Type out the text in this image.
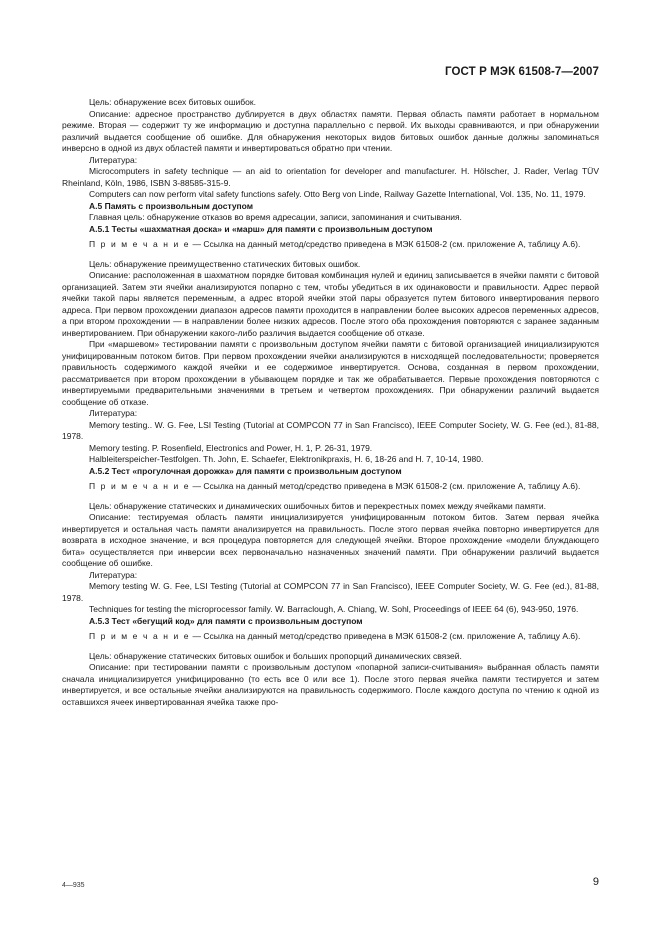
ГОСТ Р МЭК 61508-7—2007

Цель: обнаружение всех битовых ошибок.

Описание: адресное пространство дублируется в двух областях памяти. Первая область памяти работает в нормальном режиме. Вторая — содержит ту же информацию и доступна параллельно с первой. Их выходы сравниваются, и при обнаружении различий выдается сообщение об ошибке. Для обнаружения некоторых видов битовых ошибок данные должны запоминаться инверсно в одной из двух областей памяти и инвертироваться обратно при чтении.

Литература:

Microcomputers in safety technique — an aid to orientation for developer and manufacturer. H. Hölscher, J. Rader, Verlag TÜV Rheinland, Köln, 1986, ISBN 3-88585-315-9.

Computers can now perform vital safety functions safely. Otto Berg von Linde, Railway Gazette International, Vol. 135, No. 11, 1979.

А.5 Память с произвольным доступом

Главная цель: обнаружение отказов во время адресации, записи, запоминания и считывания.

А.5.1 Тесты «шахматная доска» и «марш» для памяти с произвольным доступом

П р и м е ч а н и е — Ссылка на данный метод/средство приведена в МЭК 61508-2 (см. приложение А, таблицу А.6).

Цель: обнаружение преимущественно статических битовых ошибок.

Описание: расположенная в шахматном порядке битовая комбинация нулей и единиц записывается в ячейки памяти с битовой организацией. Затем эти ячейки анализируются попарно с тем, чтобы убедиться в их одинаковости и правильности. Адрес первой ячейки такой пары является переменным, а адрес второй ячейки этой пары образуется путем битового инвертирования первого адреса. При первом прохождении диапазон адресов памяти проходится в направлении более высоких адресов переменных адресов, а при втором прохождении — в направлении более низких адресов. После этого оба прохождения повторяются с заранее заданным инвертированием. При обнаружении какого-либо различия выдается сообщение об отказе.

При «маршевом» тестировании памяти с произвольным доступом ячейки памяти с битовой организацией инициализируются унифицированным потоком битов. При первом прохождении ячейки анализируются в нисходящей последовательности; проверяется правильность содержимого каждой ячейки и ее содержимое инвертируется. Основа, созданная в первом прохождении, рассматривается при втором прохождении в убывающем порядке и так же обрабатывается. Первые прохождения повторяются с инвертируемыми предварительными значениями в третьем и четвертом прохождениях. При обнаружении различий выдается сообщение об отказе.

Литература:

Memory testing.. W. G. Fee, LSI Testing (Tutorial at COMPCON 77 in San Francisco), IEEE Computer Society, W. G. Fee (ed.), 81-88, 1978.

Memory testing. P. Rosenfield, Electronics and Power, H. 1, P. 26-31, 1979.

Halbleiterspeicher-Testfolgen. Th. John, E. Schaefer, Elektronikpraxis, H. 6, 18-26 and H. 7, 10-14, 1980.

А.5.2 Тест «прогулочная дорожка» для памяти с произвольным доступом

П р и м е ч а н и е — Ссылка на данный метод/средство приведена в МЭК 61508-2 (см. приложение А, таблицу А.6).

Цель: обнаружение статических и динамических ошибочных битов и перекрестных помех между ячейками памяти.

Описание: тестируемая область памяти инициализируется унифицированным потоком битов. Затем первая ячейка инвертируется и остальная часть памяти анализируется на правильность. После этого первая ячейка повторно инвертируется для возврата в исходное значение, и вся процедура повторяется для следующей ячейки. Второе прохождение «модели блуждающего бита» осуществляется при инверсии всех первоначально назначенных значений памяти. При обнаружении различий выдается сообщение об ошибке.

Литература:

Memory testing W. G. Fee, LSI Testing (Tutorial at COMPCON 77 in San Francisco), IEEE Computer Society, W. G. Fee (ed.), 81-88, 1978.

Techniques for testing the microprocessor family. W. Barraclough, A. Chiang, W. Sohl, Proceedings of IEEE 64 (6), 943-950, 1976.

А.5.3 Тест «бегущий код» для памяти с произвольным доступом

П р и м е ч а н и е — Ссылка на данный метод/средство приведена в МЭК 61508-2 (см. приложение А, таблицу А.6).

Цель: обнаружение статических битовых ошибок и больших пропорций динамических связей.

Описание: при тестировании памяти с произвольным доступом «попарной записи-считывания» выбранная область памяти сначала инициализируется унифицированно (то есть все 0 или все 1). После этого первая ячейка памяти тестируется и затем инвертируется, и все остальные ячейки анализируются на правильность содержимого. После каждого доступа по чтению к одной из оставшихся ячеек инвертированная ячейка также про-

4—935	9
